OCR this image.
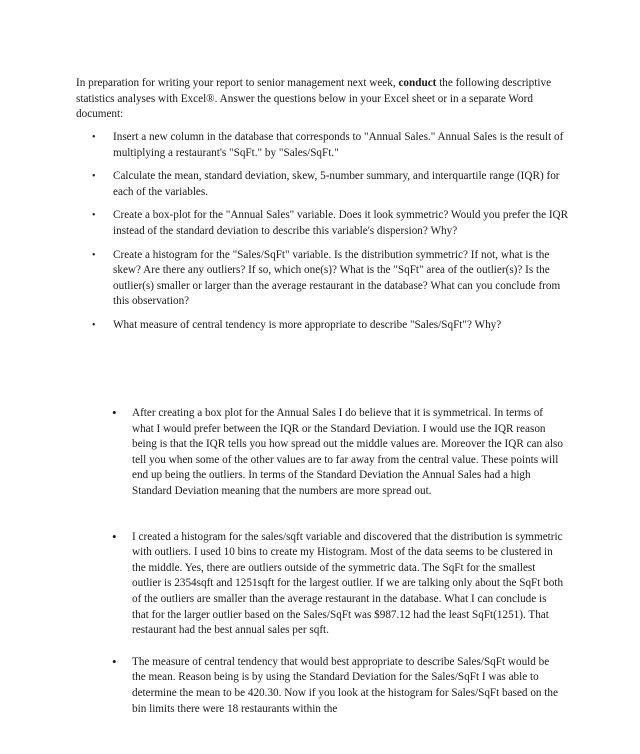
In preparation for writing your report to senior management next week, conduct the following descriptive statistics analyses with Excel®. Answer the questions below in your Excel sheet or in a separate Word document:

• Insert a new column in the database that corresponds to "Annual Sales." Annual Sales is the result of multiplying a restaurant's "SqFt." by "Sales/SqFt."
• Calculate the mean, standard deviation, skew, 5-number summary, and interquartile range (IQR) for each of the variables.
• Create a box-plot for the "Annual Sales" variable. Does it look symmetric? Would you prefer the IQR instead of the standard deviation to describe this variable's dispersion? Why?
• Create a histogram for the "Sales/SqFt" variable. Is the distribution symmetric? If not, what is the skew? Are there any outliers? If so, which one(s)? What is the "SqFt" area of the outlier(s)? Is the outlier(s) smaller or larger than the average restaurant in the database? What can you conclude from this observation?
• What measure of central tendency is more appropriate to describe "Sales/SqFt"? Why?
• After creating a box plot for the Annual Sales I do believe that it is symmetrical. In terms of what I would prefer between the IQR or the Standard Deviation. I would use the IQR reason being is that the IQR tells you how spread out the middle values are. Moreover the IQR can also tell you when some of the other values are to far away from the central value. These points will end up being the outliers. In terms of the Standard Deviation the Annual Sales had a high Standard Deviation meaning that the numbers are more spread out.
• I created a histogram for the sales/sqft variable and discovered that the distribution is symmetric with outliers. I used 10 bins to create my Histogram. Most of the data seems to be clustered in the middle. Yes, there are outliers outside of the symmetric data. The SqFt for the smallest outlier is 2354sqft and 1251sqft for the largest outlier. If we are talking only about the SqFt both of the outliers are smaller than the average restaurant in the database. What I can conclude is that for the larger outlier based on the Sales/SqFt was $987.12 had the least SqFt(1251). That restaurant had the best annual sales per sqft.
• The measure of central tendency that would best appropriate to describe Sales/SqFt would be the mean. Reason being is by using the Standard Deviation for the Sales/SqFt I was able to determine the mean to be 420.30. Now if you look at the histogram for Sales/SqFt based on the bin limits there were 18 restaurants within the
